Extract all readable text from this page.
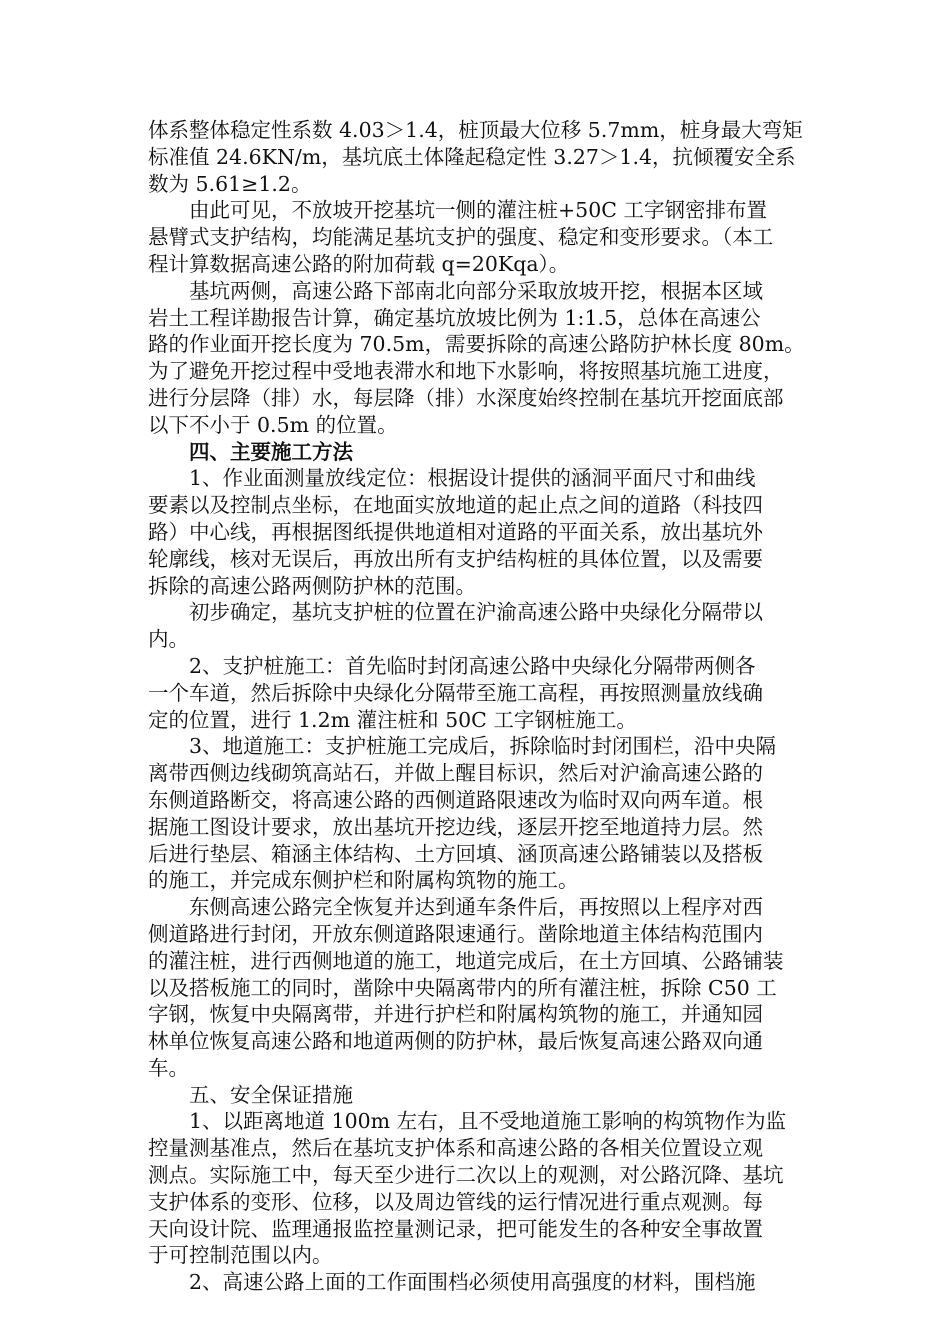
体系整体稳定性系数 4.03＞1.4，桩顶最大位移 5.7mm，桩身最大弯矩

标准值 24.6KN/m，基坑底土体隆起稳定性 3.27＞1.4，抗倾覆安全系

数为 5.61≥1.2。

　　由此可见，不放坡开挖基坑一侧的灌注桩+50C 工字钢密排布置

悬臂式支护结构，均能满足基坑支护的强度、稳定和变形要求。（本工

程计算数据高速公路的附加荷载 q=20Kqa）。

　　基坑两侧，高速公路下部南北向部分采取放坡开挖，根据本区域

岩土工程详勘报告计算，确定基坑放坡比例为 1:1.5，总体在高速公

路的作业面开挖长度为 70.5m，需要拆除的高速公路防护林长度 80m。

为了避免开挖过程中受地表滞水和地下水影响，将按照基坑施工进度，

进行分层降（排）水，每层降（排）水深度始终控制在基坑开挖面底部

以下不小于 0.5m 的位置。

　　四、主要施工方法

　　1、作业面测量放线定位：根据设计提供的涵洞平面尺寸和曲线

要素以及控制点坐标，在地面实放地道的起止点之间的道路（科技四

路）中心线，再根据图纸提供地道相对道路的平面关系，放出基坑外

轮廓线，核对无误后，再放出所有支护结构桩的具体位置，以及需要

拆除的高速公路两侧防护林的范围。

　　初步确定，基坑支护桩的位置在沪渝高速公路中央绿化分隔带以

内。

　　2、支护桩施工：首先临时封闭高速公路中央绿化分隔带两侧各

一个车道，然后拆除中央绿化分隔带至施工高程，再按照测量放线确

定的位置，进行 1.2m 灌注桩和 50C 工字钢桩施工。

　　3、地道施工：支护桩施工完成后，拆除临时封闭围栏，沿中央隔

离带西侧边线砌筑高站石，并做上醒目标识，然后对沪渝高速公路的

东侧道路断交，将高速公路的西侧道路限速改为临时双向两车道。根

据施工图设计要求，放出基坑开挖边线，逐层开挖至地道持力层。然

后进行垫层、箱涵主体结构、土方回填、涵顶高速公路铺装以及搭板

的施工，并完成东侧护栏和附属构筑物的施工。

　　东侧高速公路完全恢复并达到通车条件后，再按照以上程序对西

侧道路进行封闭，开放东侧道路限速通行。凿除地道主体结构范围内

的灌注桩，进行西侧地道的施工，地道完成后，在土方回填、公路铺装

以及搭板施工的同时，凿除中央隔离带内的所有灌注桩，拆除 C50 工

字钢，恢复中央隔离带，并进行护栏和附属构筑物的施工，并通知园

林单位恢复高速公路和地道两侧的防护林，最后恢复高速公路双向通

车。

　　五、安全保证措施

　　1、以距离地道 100m 左右，且不受地道施工影响的构筑物作为监

控量测基准点，然后在基坑支护体系和高速公路的各相关位置设立观

测点。实际施工中，每天至少进行二次以上的观测，对公路沉降、基坑

支护体系的变形、位移，以及周边管线的运行情况进行重点观测。每

天向设计院、监理通报监控量测记录，把可能发生的各种安全事故置

于可控制范围以内。

　　2、高速公路上面的工作面围档必须使用高强度的材料，围档施
